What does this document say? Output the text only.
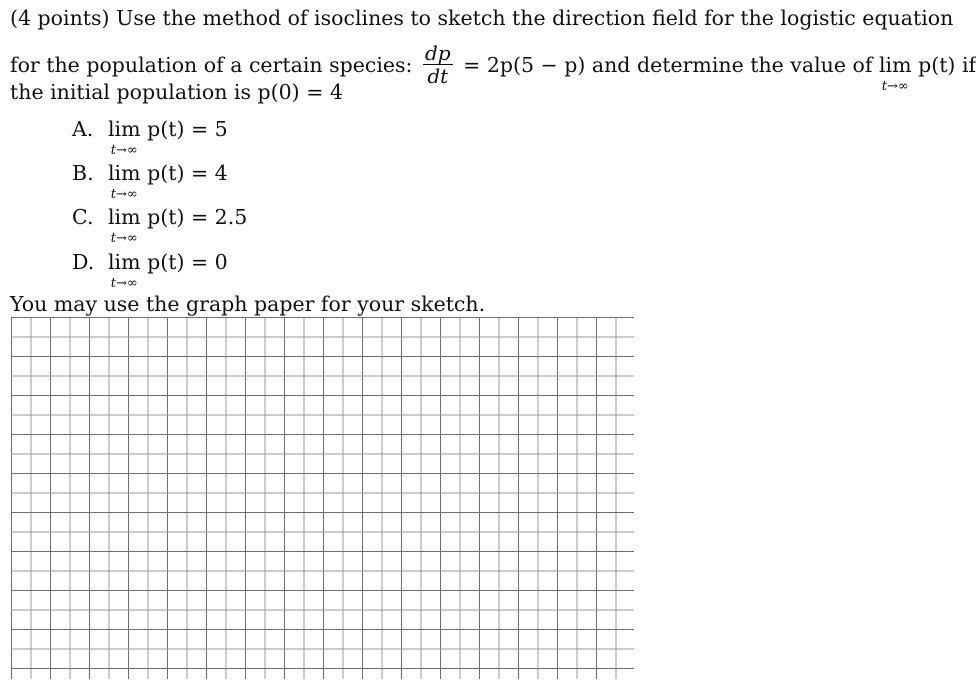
(4 points) Use the method of isoclines to sketch the direction field for the logistic equation
for the population of a certain species: $\frac{dp}{dt} = 2p(5 - p)$ and determine the value of lim
t→∞
p(t) if
the initial population is p(0) = 4
A. lim
t→∞
p(t) = 5
B. lim
t→∞
p(t) = 4
C. lim
t→∞
p(t) = 2.5
D. lim
t→∞
p(t) = 0
You may use the graph paper for your sketch.
